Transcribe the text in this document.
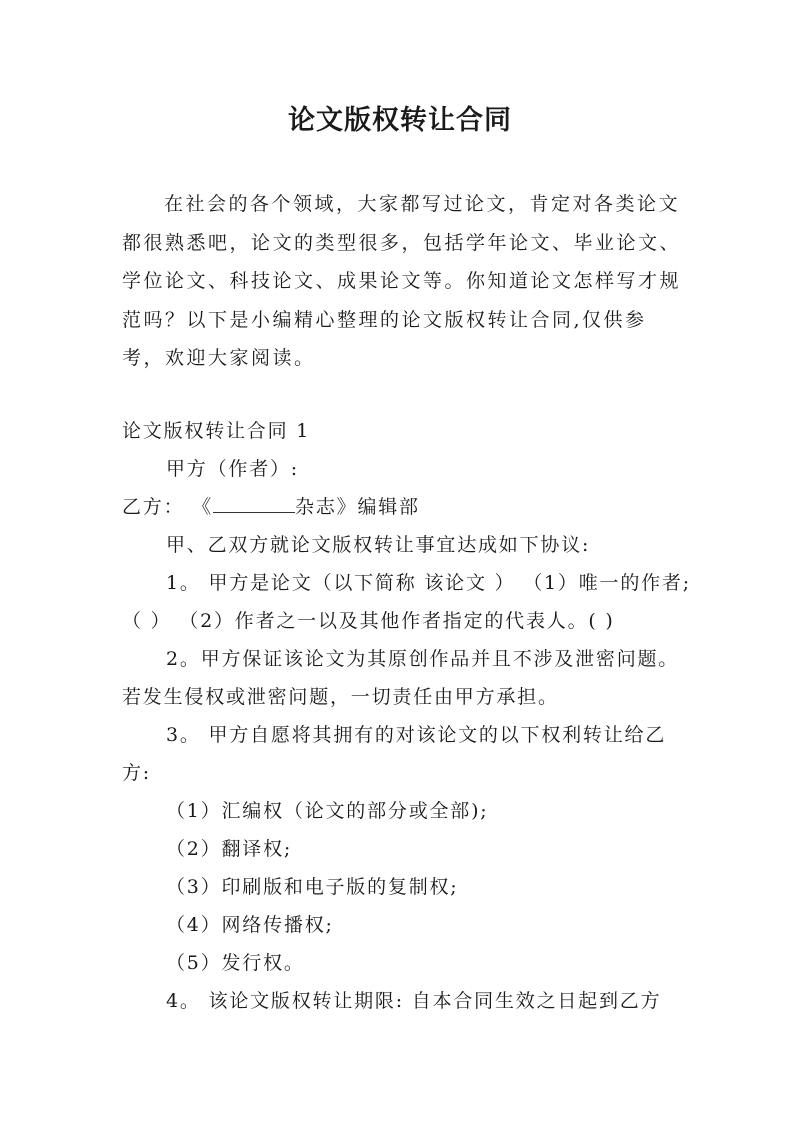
论文版权转让合同

在社会的各个领域，大家都写过论文，肯定对各类论文都很熟悉吧，论文的类型很多，包括学年论文、毕业论文、学位论文、科技论文、成果论文等。你知道论文怎样写才规范吗？以下是小编精心整理的论文版权转让合同,仅供参考，欢迎大家阅读。

论文版权转让合同 1

甲方（作者）:

乙方： 《	杂志》编辑部

甲、乙双方就论文版权转让事宜达成如下协议:

1。 甲方是论文（以下简称 该论文 ） （1）唯一的作者; （ ） （2）作者之一以及其他作者指定的代表人。( )

2。甲方保证该论文为其原创作品并且不涉及泄密问题。若发生侵权或泄密问题，一切责任由甲方承担。

3。 甲方自愿将其拥有的对该论文的以下权利转让给乙方:

（1）汇编权（论文的部分或全部);

（2）翻译权;

（3）印刷版和电子版的复制权;

（4）网络传播权;

（5）发行权。

4。 该论文版权转让期限: 自本合同生效之日起到乙方
